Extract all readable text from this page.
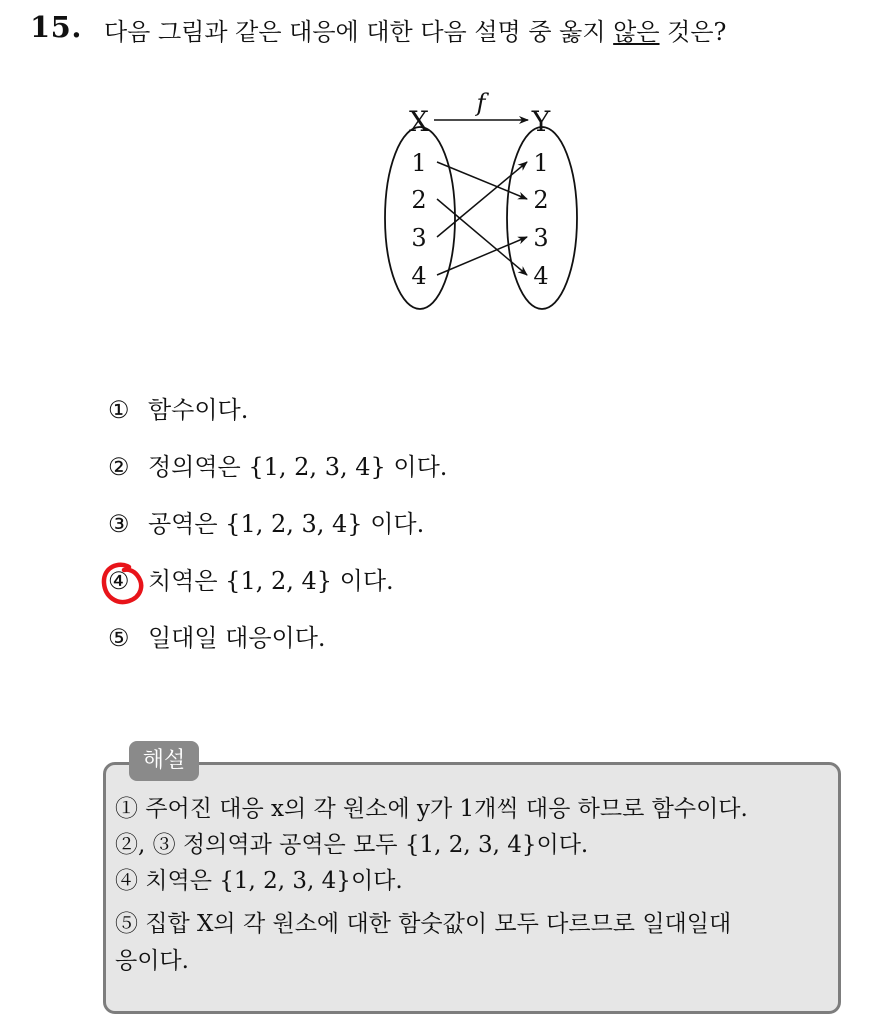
15. 다음 그림과 같은 대응에 대한 다음 설명 중 옳지 않은 것은?
X	Y
f
1
2
3
4
1
2
3
4
① 함수이다.
② 정의역은 {1, 2, 3, 4} 이다.
③ 공역은 {1, 2, 3, 4} 이다.
④ 치역은 {1, 2, 4} 이다.
⑤ 일대일 대응이다.
해설
① 주어진 대응 x의 각 원소에 y가 1개씩 대응 하므로 함수이다.
②, ③ 정의역과 공역은 모두 {1, 2, 3, 4}이다.
④ 치역은 {1, 2, 3, 4}이다.
⑤ 집합 X의 각 원소에 대한 함숫값이 모두 다르므로 일대일대
응이다.
